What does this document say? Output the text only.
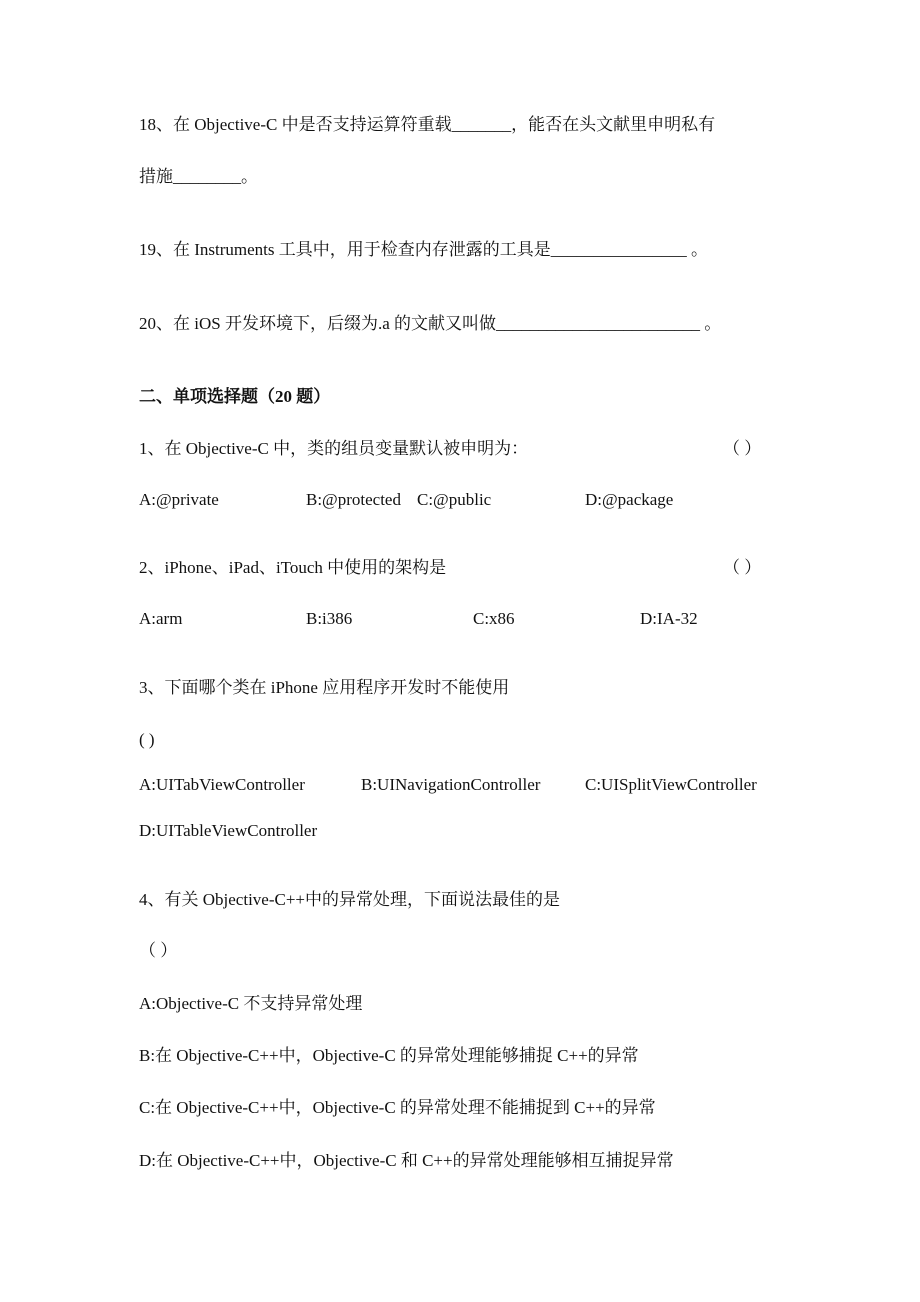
18、在 Objective-C 中是否支持运算符重载_______，能否在头文献里申明私有
措施________。
19、在 Instruments 工具中，用于检查内存泄露的工具是________________ 。
20、在 iOS 开发环境下，后缀为.a 的文献又叫做________________________ 。
二、单项选择题（20 题）
1、在 Objective-C 中，类的组员变量默认被申明为：	（ ）
A:@private	B:@protected C:@public	D:@package
2、iPhone、iPad、iTouch 中使用的架构是	（ ）
A:arm	B:i386	C:x86	D:IA-32
3、下面哪个类在 iPhone 应用程序开发时不能使用
( )
A:UITabViewController	B:UINavigationController	C:UISplitViewController
D:UITableViewController
4、有关 Objective-C++中的异常处理，下面说法最佳的是
（ ）
A:Objective-C 不支持异常处理
B:在 Objective-C++中，Objective-C 的异常处理能够捕捉 C++的异常
C:在 Objective-C++中，Objective-C 的异常处理不能捕捉到 C++的异常
D:在 Objective-C++中，Objective-C 和 C++的异常处理能够相互捕捉异常
